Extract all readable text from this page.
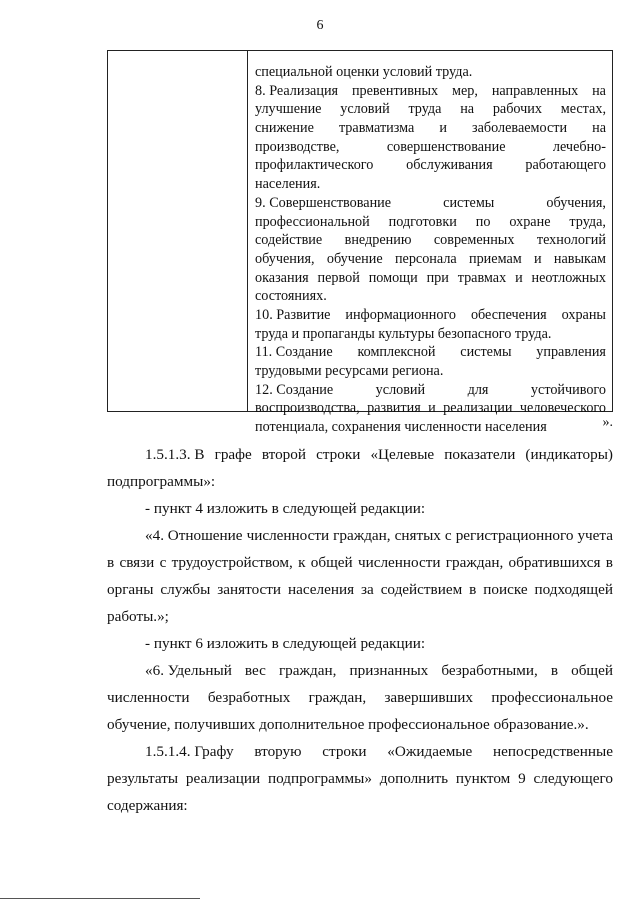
6
специальной оценки условий труда.
8. Реализация превентивных мер, направленных на
улучшение условий труда на рабочих местах,
снижение травматизма и заболеваемости на
производстве,	совершенствование	лечебно-
профилактического обслуживания работающего
населения.
9. Совершенствование	системы	обучения,
профессиональной подготовки по охране труда,
содействие внедрению современных технологий
обучения, обучение персонала приемам и навыкам
оказания первой помощи при травмах и неотложных
состояниях.
10. Развитие информационного обеспечения охраны
труда и пропаганды культуры безопасного труда.
11. Создание комплексной системы управления
трудовыми ресурсами региона.
12. Создание	условий	для	устойчивого
воспроизводства, развития и реализации человеческого
потенциала, сохранения численности населения	».
1.5.1.3. В графе второй строки «Целевые показатели (индикаторы)
подпрограммы»:
- пункт 4 изложить в следующей редакции:
«4. Отношение численности граждан, снятых с регистрационного учета
в связи с трудоустройством, к общей численности граждан, обратившихся в
органы службы занятости населения за содействием в поиске подходящей
работы.»;
- пункт 6 изложить в следующей редакции:
«6. Удельный вес граждан, признанных безработными, в общей
численности безработных граждан, завершивших профессиональное
обучение, получивших дополнительное профессиональное образование.».
1.5.1.4. Графу вторую строки «Ожидаемые непосредственные
результаты реализации подпрограммы» дополнить пунктом 9 следующего
содержания:
